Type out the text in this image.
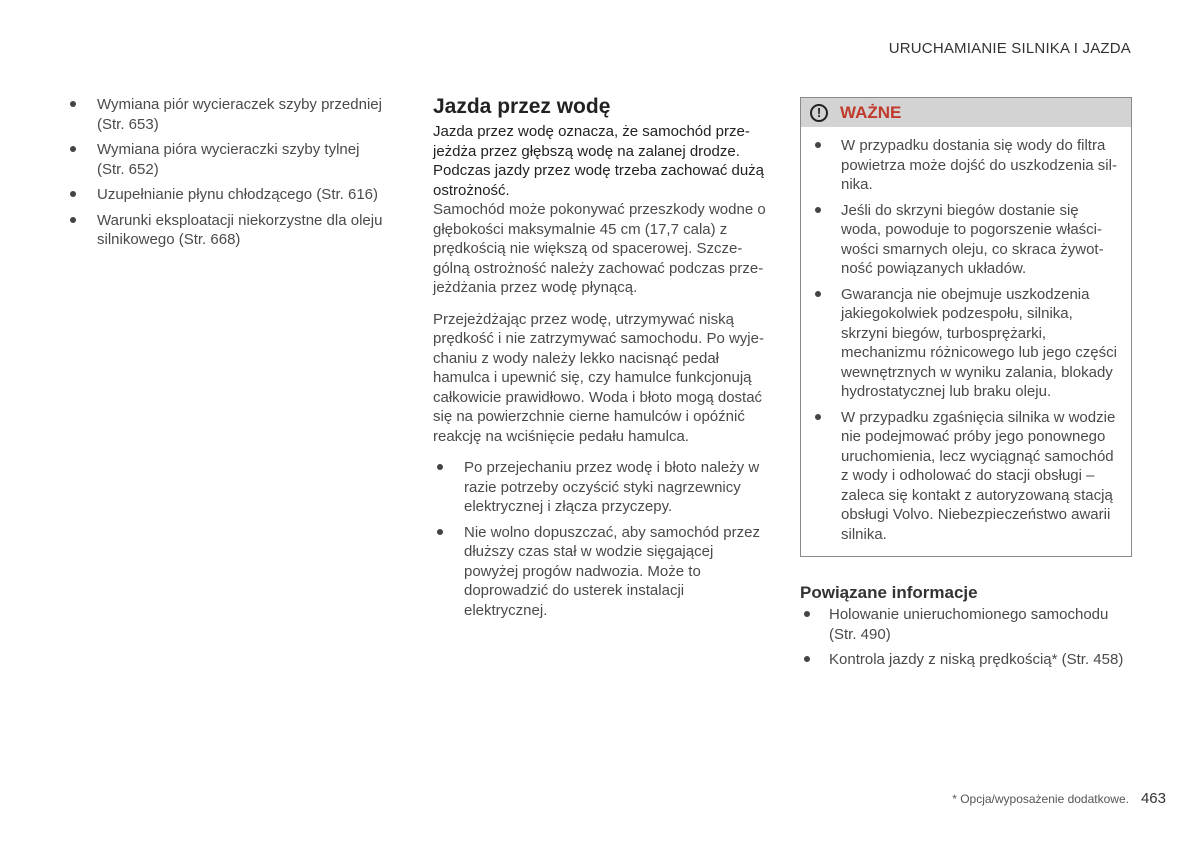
URUCHAMIANIE SILNIKA I JAZDA
Wymiana piór wycieraczek szyby przedniej (Str. 653)
Wymiana pióra wycieraczki szyby tylnej (Str. 652)
Uzupełnianie płynu chłodzącego (Str. 616)
Warunki eksploatacji niekorzystne dla oleju silnikowego (Str. 668)
Jazda przez wodę

Jazda przez wodę oznacza, że samochód przejeżdża przez głębszą wodę na zalanej drodze. Podczas jazdy przez wodę trzeba zachować dużą ostrożność.

Samochód może pokonywać przeszkody wodne o głębokości maksymalnie 45 cm (17,7 cala) z prędkością nie większą od spacerowej. Szczególną ostrożność należy zachować podczas przejeżdżania przez wodę płynącą.

Przejeżdżając przez wodę, utrzymywać niską prędkość i nie zatrzymywać samochodu. Po wyjechaniu z wody należy lekko nacisnąć pedał hamulca i upewnić się, czy hamulce funkcjonują całkowicie prawidłowo. Woda i błoto mogą dostać się na powierzchnie cierne hamulców i opóźnić reakcję na wciśnięcie pedału hamulca.

Po przejechaniu przez wodę i błoto należy w razie potrzeby oczyścić styki nagrzewnicy elektrycznej i złącza przyczepy.
Nie wolno dopuszczać, aby samochód przez dłuższy czas stał w wodzie sięgającej powyżej progów nadwozia. Może to doprowadzić do usterek instalacji elektrycznej.
!	WAŻNE
W przypadku dostania się wody do filtra powietrza może dojść do uszkodzenia silnika.
Jeśli do skrzyni biegów dostanie się woda, powoduje to pogorszenie właściwości smarnych oleju, co skraca żywotność powiązanych układów.
Gwarancja nie obejmuje uszkodzenia jakiegokolwiek podzespołu, silnika, skrzyni biegów, turbosprężarki, mechanizmu różnicowego lub jego części wewnętrznych w wyniku zalania, blokady hydrostatycznej lub braku oleju.
W przypadku zgaśnięcia silnika w wodzie nie podejmować próby jego ponownego uruchomienia, lecz wyciągnąć samochód z wody i odholować do stacji obsługi – zaleca się kontakt z autoryzowaną stacją obsługi Volvo. Niebezpieczeństwo awarii silnika.
Powiązane informacje
Holowanie unieruchomionego samochodu (Str. 490)
Kontrola jazdy z niską prędkością* (Str. 458)
* Opcja/wyposażenie dodatkowe. 463
